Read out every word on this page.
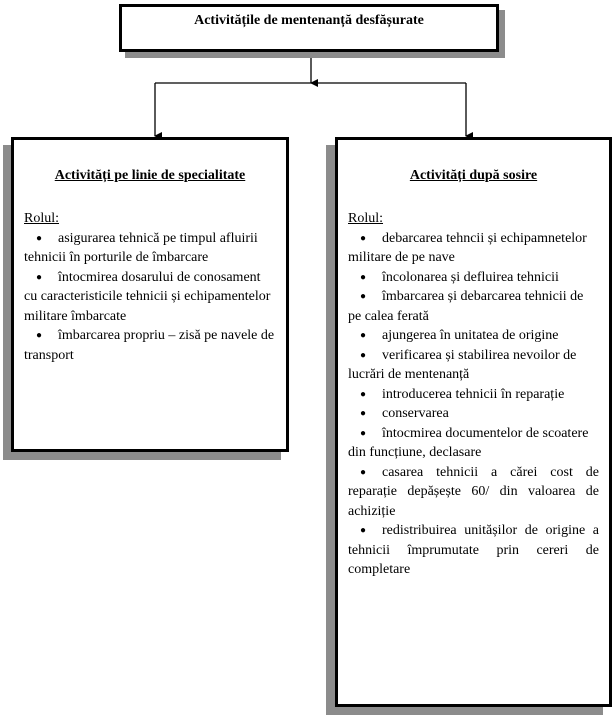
Activitățile de mentenanță desfășurate
Activități pe linie de specialitate
Rolul:
● asigurarea tehnică pe timpul afluirii tehnicii în porturile de îmbarcare
● întocmirea dosarului de conosament cu caracteristicile tehnicii și echipamentelor militare îmbarcate
● îmbarcarea propriu – zisă pe navele de transport
Activități după sosire
Rolul:
● debarcarea tehncii și echipamnetelor militare de pe nave
● încolonarea și defluirea tehnicii
● îmbarcarea și debarcarea tehnicii de pe calea ferată
● ajungerea în unitatea de origine
● verificarea și stabilirea nevoilor de lucrări de mentenanță
● introducerea tehnicii în reparație
● conservarea
● întocmirea documentelor de scoatere din funcțiune, declasare
● casarea tehnicii a cărei cost de reparație depășește 60/ din valoarea de achiziție
● redistribuirea unitășilor de origine a tehnicii împrumutate prin cereri de completare
